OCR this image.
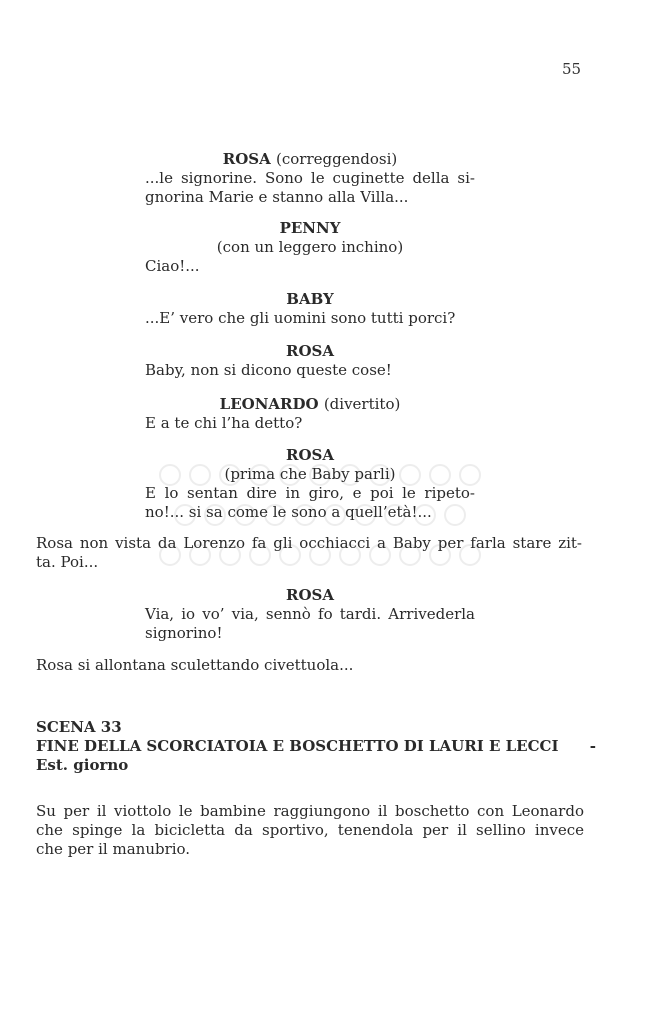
55
ROSA (correggendosi)
...le signorine. Sono le cuginette della si-
gnorina Marie e stanno alla Villa...
PENNY
(con un leggero inchino)
Ciao!...
BABY
...E’ vero che gli uomini sono tutti porci?
ROSA
Baby, non si dicono queste cose!
LEONARDO (divertito)
E a te chi l’ha detto?
ROSA
(prima che Baby parli)
E lo sentan dire in giro, e poi le ripeto-
no!... si sa come le sono a quell’età!...
Rosa non vista da Lorenzo fa gli occhiacci a Baby per farla stare zit-
ta. Poi...
ROSA
Via, io vo’ via, sennò fo tardi. Arrivederla
signorino!
Rosa si allontana sculettando civettuola...
SCENA 33
FINE DELLA SCORCIATOIA E BOSCHETTO DI LAURI E LECCI -
Est. giorno
Su per il viottolo le bambine raggiungono il boschetto con Leonardo
che spinge la bicicletta da sportivo, tenendola per il sellino invece
che per il manubrio.
